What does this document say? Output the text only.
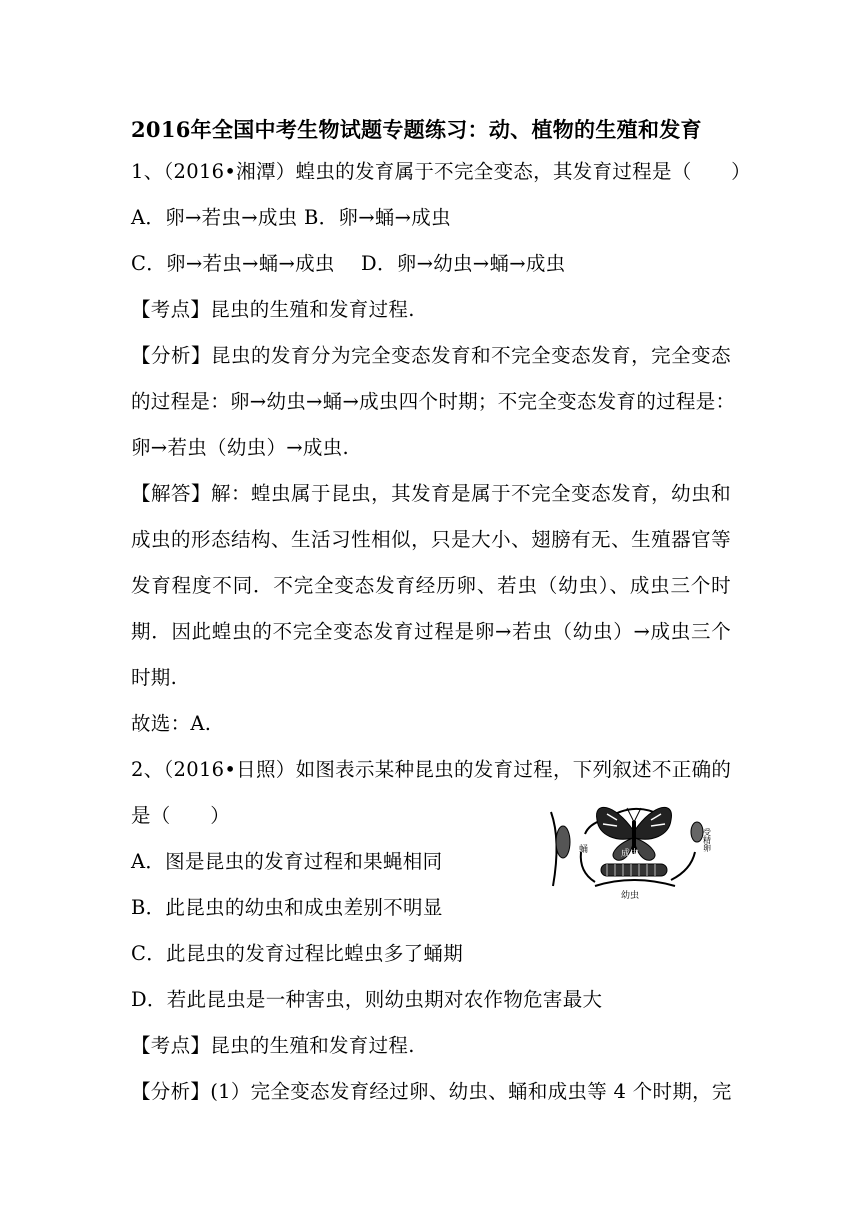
2016年全国中考生物试题专题练习：动、植物的生殖和发育
1、（2016•湘潭）蝗虫的发育属于不完全变态，其发育过程是（　　）
A．卵→若虫→成虫 B．卵→蛹→成虫
C．卵→若虫→蛹→成虫　 D．卵→幼虫→蛹→成虫
【考点】昆虫的生殖和发育过程.
【分析】昆虫的发育分为完全变态发育和不完全变态发育，完全变态
的过程是：卵→幼虫→蛹→成虫四个时期；不完全变态发育的过程是：
卵→若虫（幼虫）→成虫.
【解答】解：蝗虫属于昆虫，其发育是属于不完全变态发育，幼虫和
成虫的形态结构、生活习性相似，只是大小、翅膀有无、生殖器官等
发育程度不同．不完全变态发育经历卵、若虫（幼虫）、成虫三个时
期．因此蝗虫的不完全变态发育过程是卵→若虫（幼虫）→成虫三个
时期.
故选：A.
2、（2016•日照）如图表示某种昆虫的发育过程，下列叙述不正确的
是（　　）
A．图是昆虫的发育过程和果蝇相同
B．此昆虫的幼虫和成虫差别不明显
C．此昆虫的发育过程比蝗虫多了蛹期
D．若此昆虫是一种害虫，则幼虫期对农作物危害最大
【考点】昆虫的生殖和发育过程.
【分析】(1）完全变态发育经过卵、幼虫、蛹和成虫等 4 个时期，完
成虫
受精卵
蛹
幼虫
